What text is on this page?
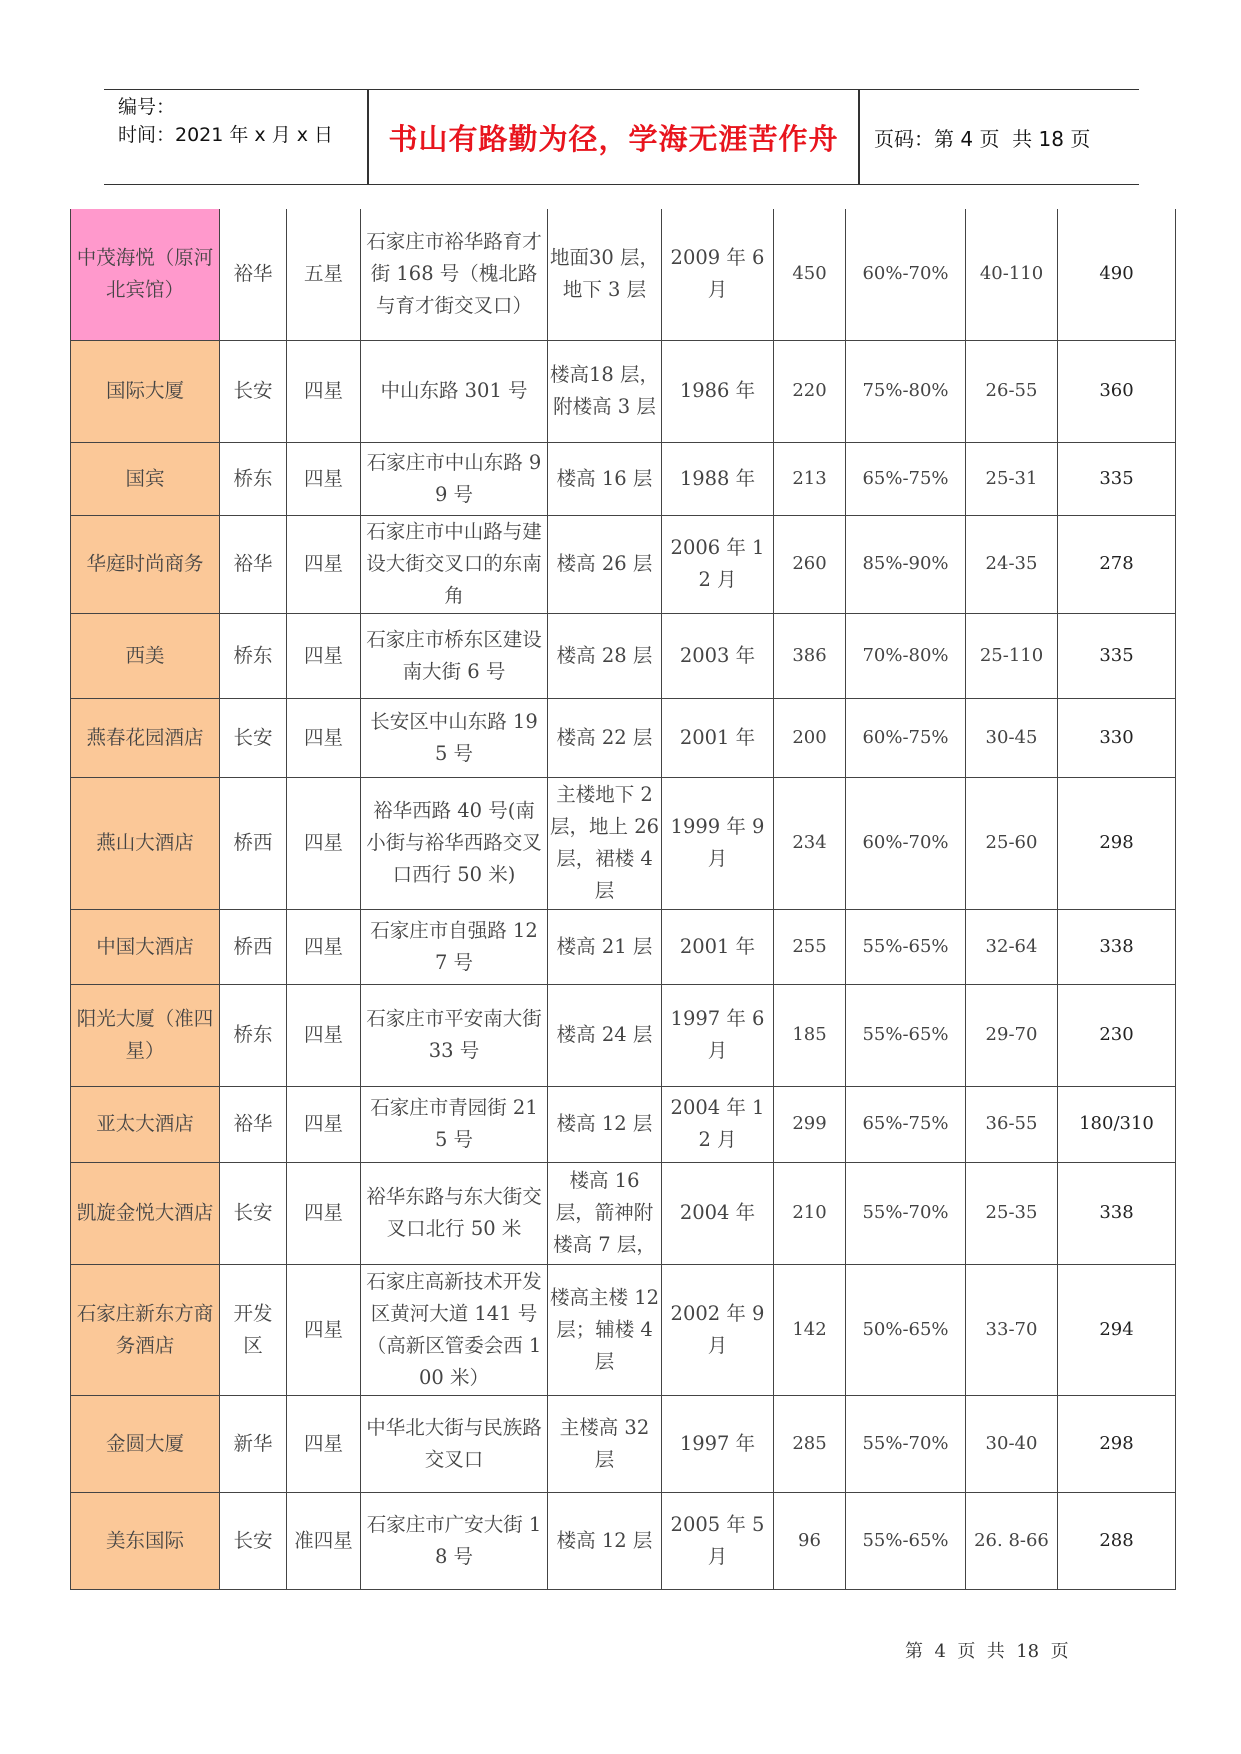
编号：
时间：2021 年 x 月 x 日	书山有路勤为径，学海无涯苦作舟	页码：第 4 页  共 18 页
中茂海悦（原河北宾馆）	裕华	五星	石家庄市裕华路育才街 168 号（槐北路与育才街交叉口）	地面30 层，地下 3 层	2009 年 6 月	450	60%-70%	40-110	490
国际大厦	长安	四星	中山东路 301 号	楼高18 层，附楼高 3 层	1986 年	220	75%-80%	26-55	360
国宾	桥东	四星	石家庄市中山东路 99 号	楼高 16 层	1988 年	213	65%-75%	25-31	335
华庭时尚商务	裕华	四星	石家庄市中山路与建设大街交叉口的东南角	楼高 26 层	2006 年 12 月	260	85%-90%	24-35	278
西美	桥东	四星	石家庄市桥东区建设南大街 6 号	楼高 28 层	2003 年	386	70%-80%	25-110	335
燕春花园酒店	长安	四星	长安区中山东路 195 号	楼高 22 层	2001 年	200	60%-75%	30-45	330
燕山大酒店	桥西	四星	裕华西路 40 号(南小街与裕华西路交叉口西行 50 米)	主楼地下 2 层，地上 26 层，裙楼 4 层	1999 年 9 月	234	60%-70%	25-60	298
中国大酒店	桥西	四星	石家庄市自强路 127 号	楼高 21 层	2001 年	255	55%-65%	32-64	338
阳光大厦（准四星）	桥东	四星	石家庄市平安南大街 33 号	楼高 24 层	1997 年 6 月	185	55%-65%	29-70	230
亚太大酒店	裕华	四星	石家庄市青园街 215 号	楼高 12 层	2004 年 12 月	299	65%-75%	36-55	180/310
凯旋金悦大酒店	长安	四星	裕华东路与东大街交叉口北行 50 米	楼高 16 层，箭神附楼高 7 层，	2004 年	210	55%-70%	25-35	338
石家庄新东方商务酒店	开发区	四星	石家庄高新技术开发区黄河大道 141 号（高新区管委会西 100 米）	楼高主楼 12 层；辅楼 4 层	2002 年 9 月	142	50%-65%	33-70	294
金圆大厦	新华	四星	中华北大街与民族路交叉口	主楼高 32 层	1997 年	285	55%-70%	30-40	298
美东国际	长安	准四星	石家庄市广安大街 18 号	楼高 12 层	2005 年 5 月	96	55%-65%	26. 8-66	288
第  4  页  共  18  页
